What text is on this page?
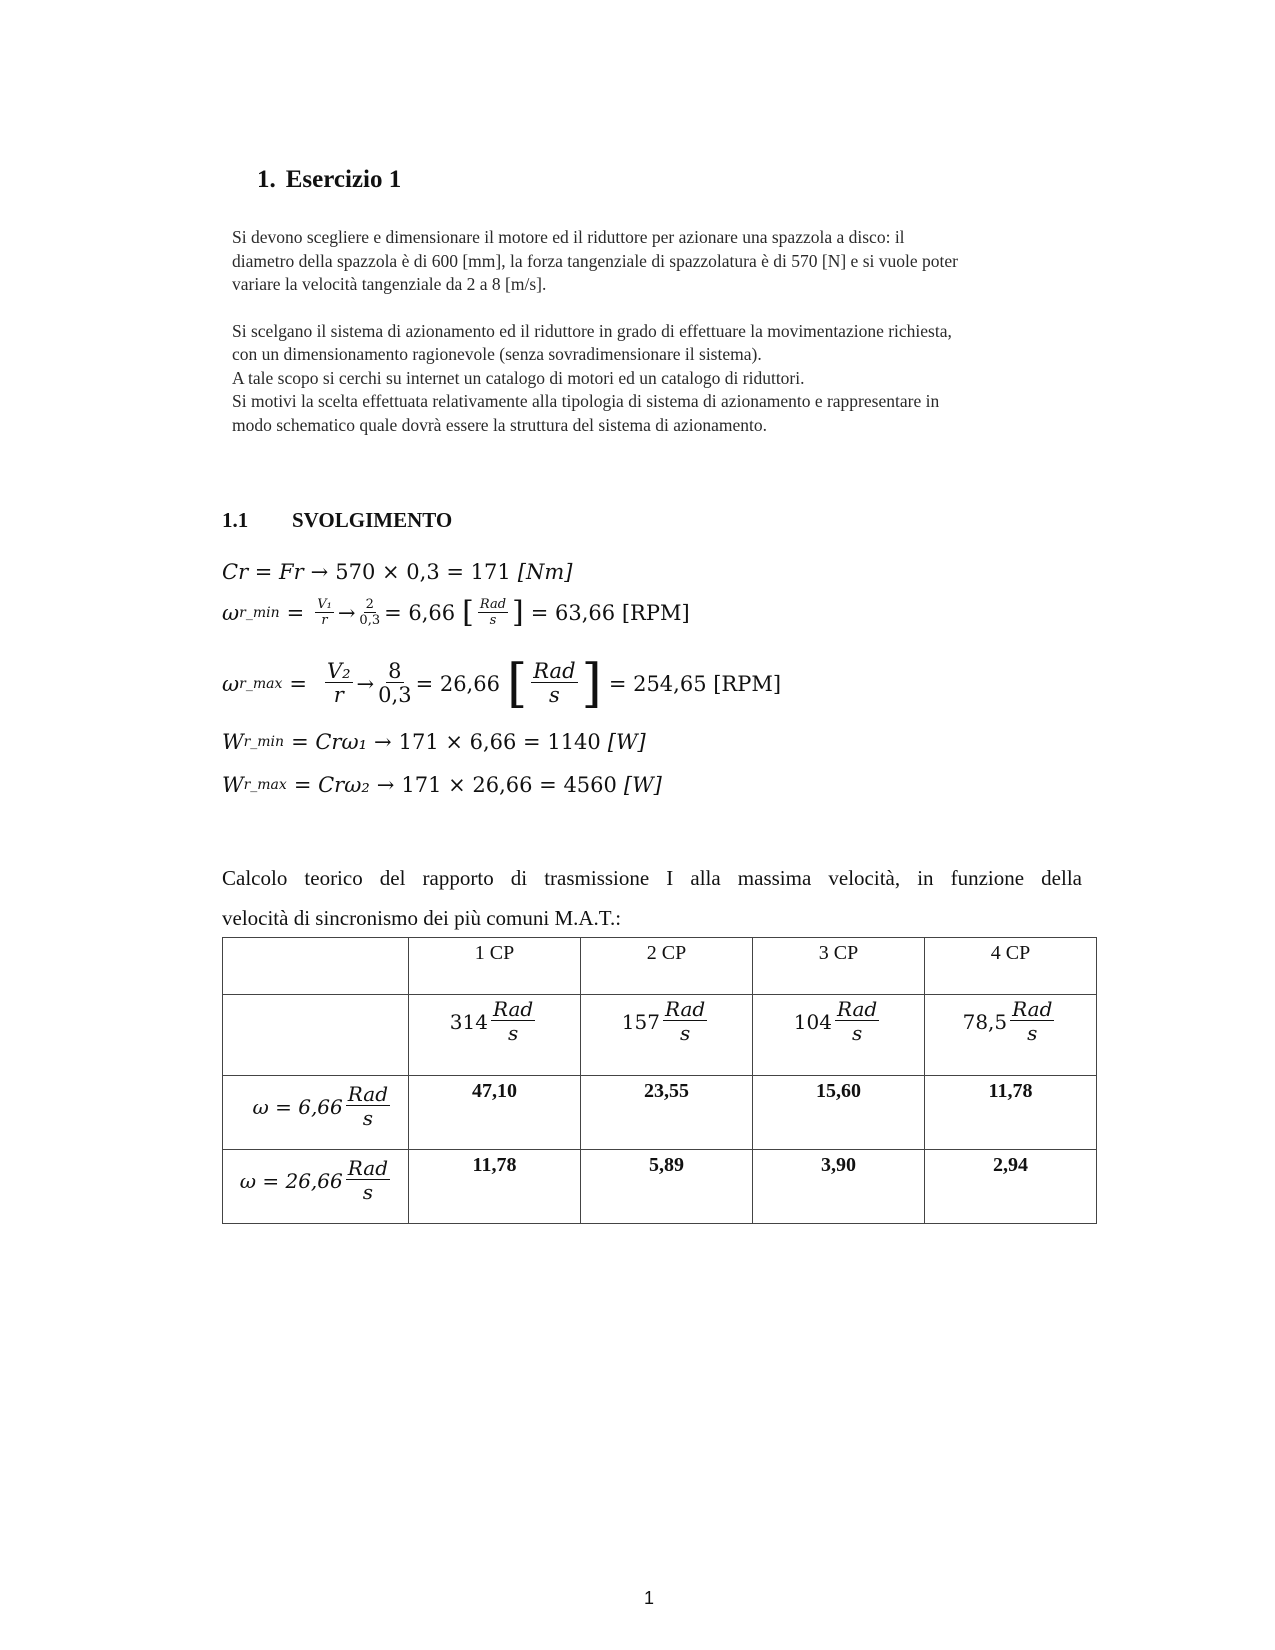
1. Esercizio 1

Si devono scegliere e dimensionare il motore ed il riduttore per azionare una spazzola a disco: il
diametro della spazzola è di 600 [mm], la forza tangenziale di spazzolatura è di 570 [N] e si vuole poter
variare la velocità tangenziale da 2 a 8 [m/s].

Si scelgano il sistema di azionamento ed il riduttore in grado di effettuare la movimentazione richiesta,
con un dimensionamento ragionevole (senza sovradimensionare il sistema).
A tale scopo si cerchi su internet un catalogo di motori ed un catalogo di riduttori.
Si motivi la scelta effettuata relativamente alla tipologia di sistema di azionamento e rappresentare in
modo schematico quale dovrà essere la struttura del sistema di azionamento.

1.1 SVOLGIMENTO
Cr = Fr → 570 × 0,3 = 171 [Nm]
ω r_min = $\frac{\text{V₁}}{r} \to \frac{2}{0,3} = 6,66$ [ $\frac{\text{Rad}}{s}$ ] = 63,66 [RPM]
ω r_max = $\frac{\text{V₂}}{r} \to \frac{8}{0,3} = 26,66$ [ $\frac{\text{Rad}}{s}$ ] = 254,65 [RPM]
W r_min = Crω₁ → 171 × 6,66 = 1140 [W]
W r_max = Crω₂ → 171 × 26,66 = 4560 [W]
Calcolo teorico del rapporto di trasmissione I alla massima velocità, in funzione della
velocità di sincronismo dei più comuni M.A.T.:
	1 CP	2 CP	3 CP	4 CP

	$314 \frac{\text{Rad}}{s}$	$157 \frac{\text{Rad}}{s}$	$104 \frac{\text{Rad}}{s}$	$78,5 \frac{\text{Rad}}{s}$

$\omega = 6,66 \frac{\text{Rad}}{s}$	47,10	23,55	15,60	11,78

$\omega = 26,66 \frac{\text{Rad}}{s}$	11,78	5,89	3,90	2,94
1
